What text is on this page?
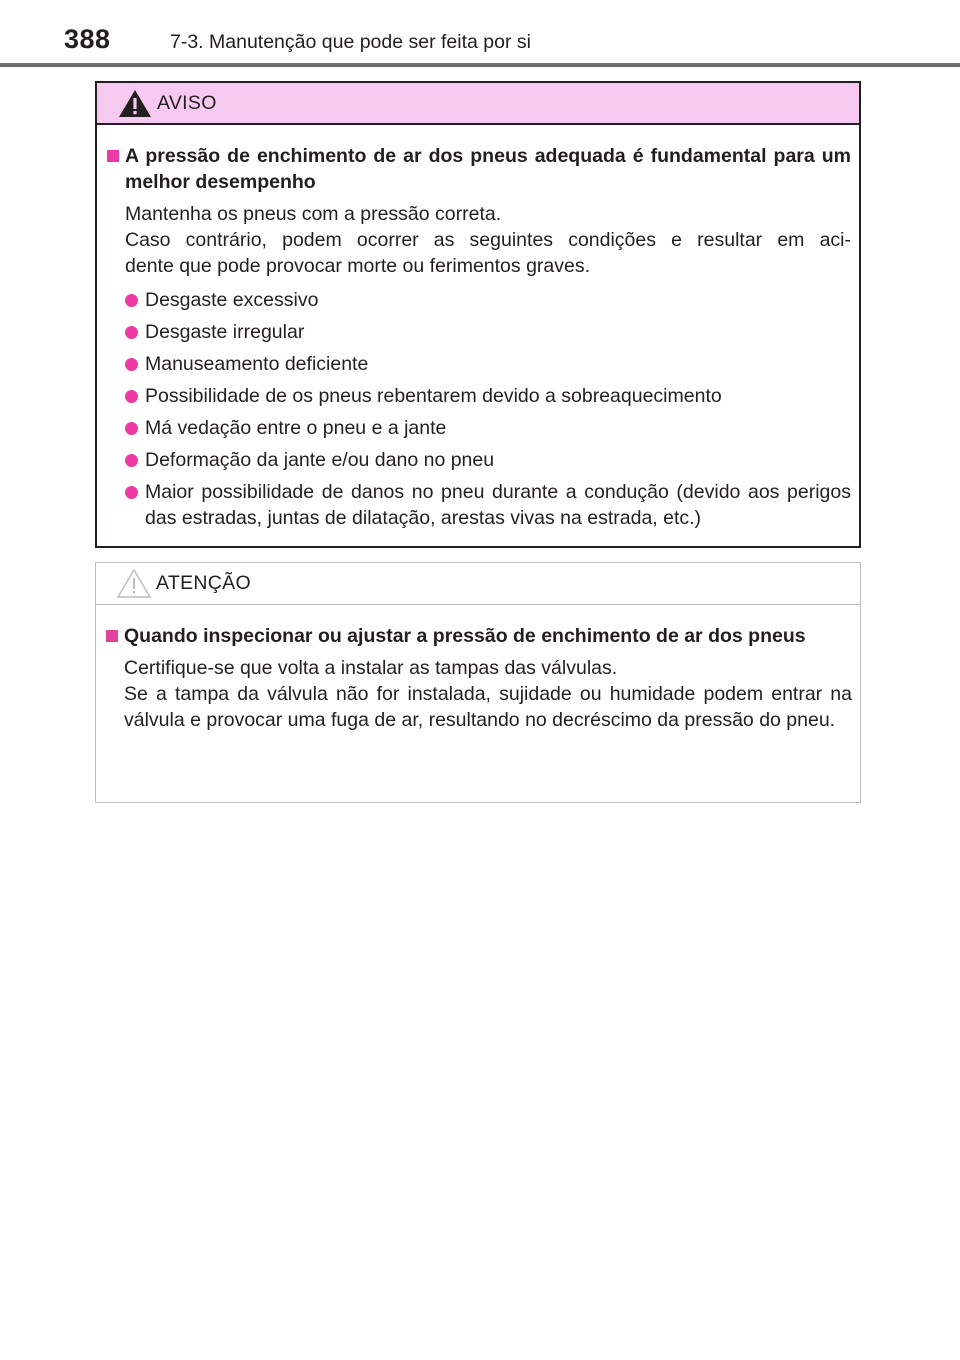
388	7-3. Manutenção que pode ser feita por si
AVISO
A pressão de enchimento de ar dos pneus adequada é fundamental para um melhor desempenho
Mantenha os pneus com a pressão correta.
Caso contrário, podem ocorrer as seguintes condições e resultar em aci-
dente que pode provocar morte ou ferimentos graves.
Desgaste excessivo
Desgaste irregular
Manuseamento deficiente
Possibilidade de os pneus rebentarem devido a sobreaquecimento
Má vedação entre o pneu e a jante
Deformação da jante e/ou dano no pneu
Maior possibilidade de danos no pneu durante a condução (devido aos perigos das estradas, juntas de dilatação, arestas vivas na estrada, etc.)
ATENÇÃO
Quando inspecionar ou ajustar a pressão de enchimento de ar dos pneus
Certifique-se que volta a instalar as tampas das válvulas.
Se a tampa da válvula não for instalada, sujidade ou humidade podem entrar na válvula e provocar uma fuga de ar, resultando no decréscimo da pressão do pneu.
